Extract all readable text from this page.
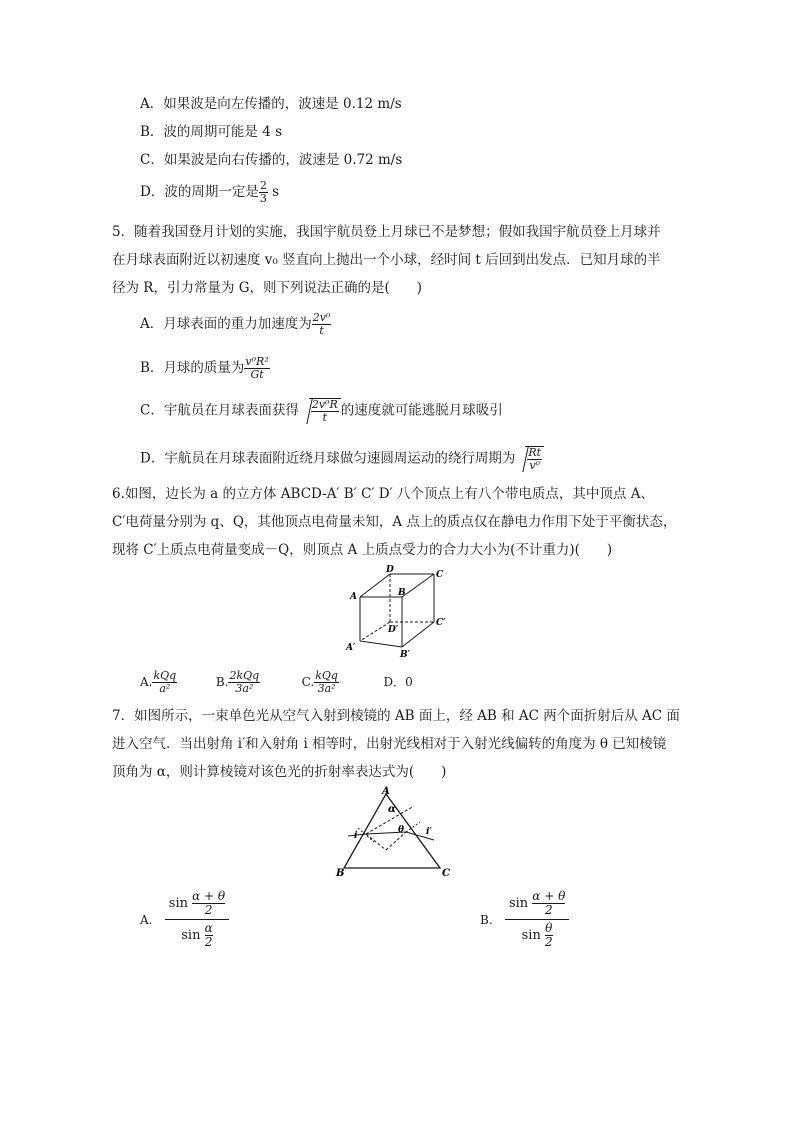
A．如果波是向左传播的，波速是 0.12 m/s
B．波的周期可能是 4 s
C．如果波是向右传播的，波速是 0.72 m/s
D．波的周期一定是 $\frac{2}{3}$ s
5．随着我国登月计划的实施，我国宇航员登上月球已不是梦想；假如我国宇航员登上月球并
在月球表面附近以初速度 v₀ 竖直向上抛出一个小球，经时间 t 后回到出发点．已知月球的半
径为 R，引力常量为 G，则下列说法正确的是(　　)
A．月球表面的重力加速度为 $\frac{\text{2v⁰}}{t}$
B．月球的质量为 $\frac{\text{v⁰R²}}{Gt}$
C．宇航员在月球表面获得 $\frac{\text{2v⁰R}}{t}$ 的速度就可能逃脱月球吸引
D．宇航员在月球表面附近绕月球做匀速圆周运动的绕行周期为 $\frac{Rt}{\text{v⁰}}$
6.如图，边长为 a 的立方体 ABCD-A′ B′ C′ D′ 八个顶点上有八个带电质点，其中顶点 A、
C′电荷量分别为 q、Q，其他顶点电荷量未知，A 点上的质点仅在静电力作用下处于平衡状态，
现将 C′上质点电荷量变成－Q，则顶点 A 上质点受力的合力大小为(不计重力)(　　)
D	C
A	B
C′
D′
A′
B′
A. $\frac{\text{kQq}}{\text{a²}}$	B. $\frac{\text{2kQq}}{\text{3a²}}$	C. $\frac{\text{kQq}}{\text{3a²}}$	D．0
7．如图所示，一束单色光从空气入射到棱镜的 AB 面上，经 AB 和 AC 两个面折射后从 AC 面
进入空气．当出射角 i′和入射角 i 相等时，出射光线相对于入射光线偏转的角度为 θ 已知棱镜
顶角为 α，则计算棱镜对该色光的折射率表达式为(　　)
A
B	C
α
θ
i	i′
A. $\frac{\sin \frac{\alpha + \theta}{2}}{\sin \frac{\alpha}{2}}$	B. $\frac{\sin \frac{\alpha + \theta}{2}}{\sin \frac{\theta}{2}}$
